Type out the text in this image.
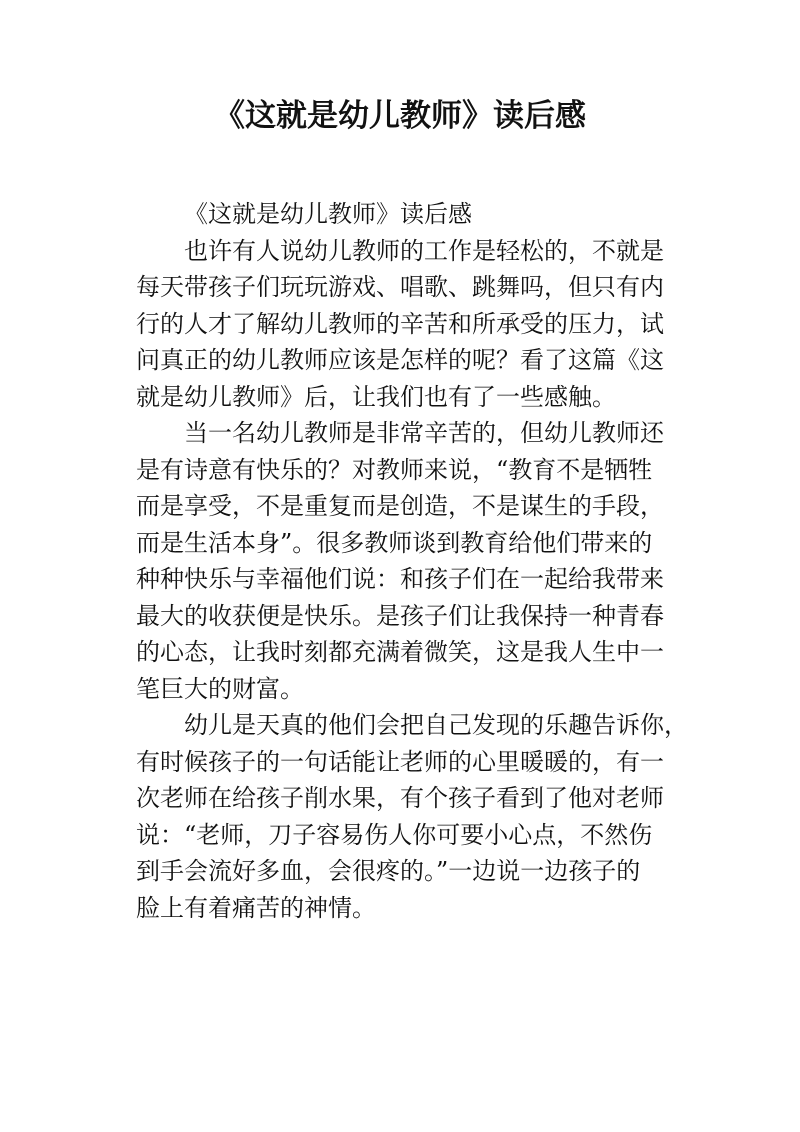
《这就是幼儿教师》读后感
《这就是幼儿教师》读后感
也许有人说幼儿教师的工作是轻松的，不就是
每天带孩子们玩玩游戏、唱歌、跳舞吗，但只有内
行的人才了解幼儿教师的辛苦和所承受的压力，试
问真正的幼儿教师应该是怎样的呢？看了这篇《这
就是幼儿教师》后，让我们也有了一些感触。
当一名幼儿教师是非常辛苦的，但幼儿教师还
是有诗意有快乐的？对教师来说，“教育不是牺牲
而是享受，不是重复而是创造，不是谋生的手段，
而是生活本身”。很多教师谈到教育给他们带来的
种种快乐与幸福他们说：和孩子们在一起给我带来
最大的收获便是快乐。是孩子们让我保持一种青春
的心态，让我时刻都充满着微笑，这是我人生中一
笔巨大的财富。
幼儿是天真的他们会把自己发现的乐趣告诉你，
有时候孩子的一句话能让老师的心里暖暖的，有一
次老师在给孩子削水果，有个孩子看到了他对老师
说：“老师，刀子容易伤人你可要小心点，不然伤
到手会流好多血，会很疼的。”一边说一边孩子的
脸上有着痛苦的神情。
